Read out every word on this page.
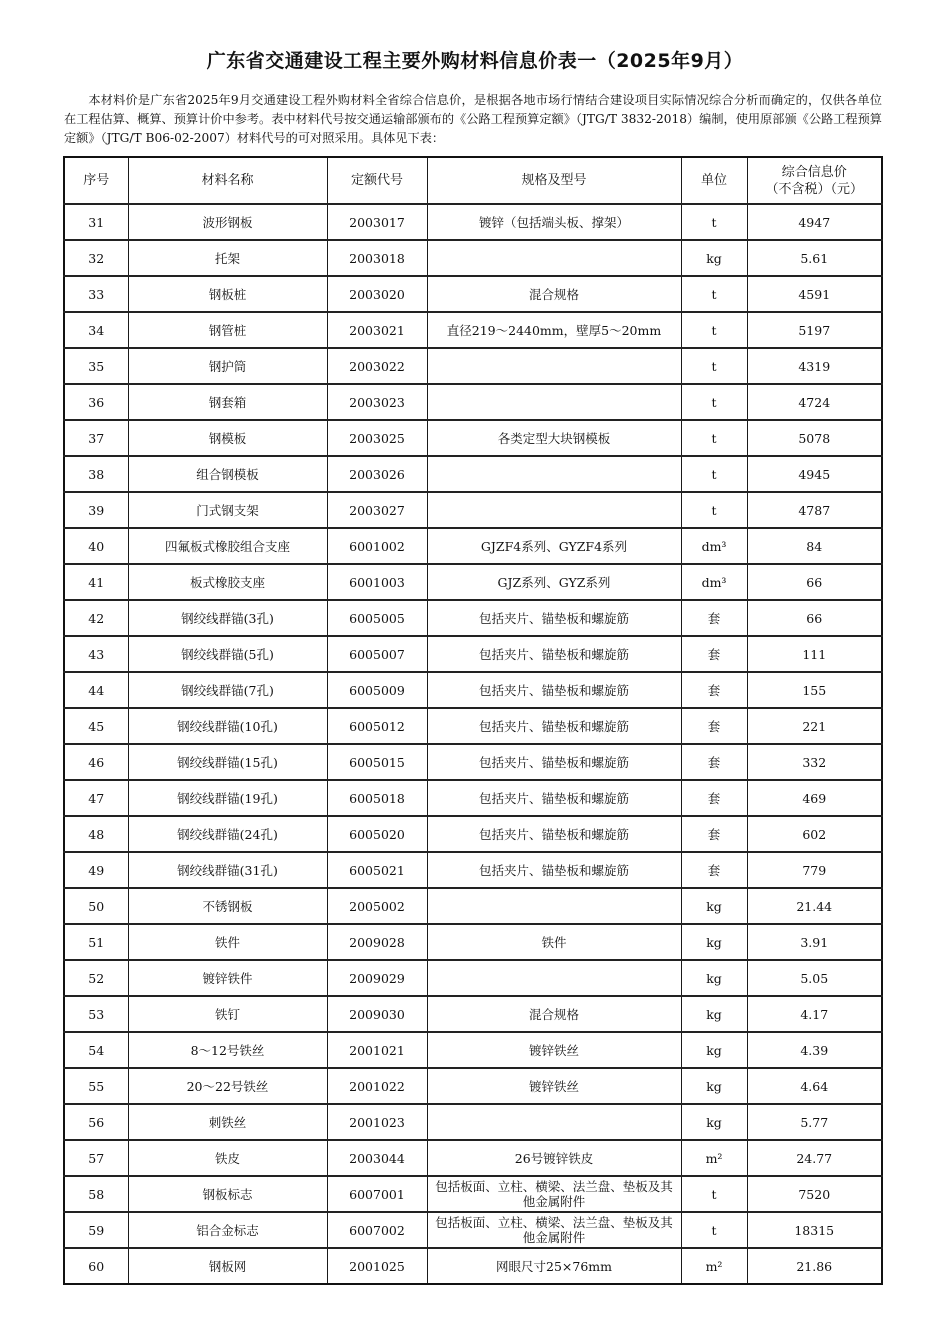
广东省交通建设工程主要外购材料信息价表一（2025年9月）
本材料价是广东省2025年9月交通建设工程外购材料全省综合信息价，是根据各地市场行情结合建设项目实际情况综合分析而确定的，仅供各单位在工程估算、概算、预算计价中参考。表中材料代号按交通运输部颁布的《公路工程预算定额》（JTG/T 3832-2018）编制，使用原部颁《公路工程预算定额》（JTG/T B06-02-2007）材料代号的可对照采用。具体见下表：
序号	材料名称	定额代号	规格及型号	单位	综合信息价
（不含税）（元）

31	波形钢板	2003017	镀锌（包括端头板、撑架）	t	4947
32	托架	2003018		kg	5.61
33	钢板桩	2003020	混合规格	t	4591
34	钢管桩	2003021	直径219～2440mm，壁厚5～20mm	t	5197
35	钢护筒	2003022		t	4319
36	钢套箱	2003023		t	4724
37	钢模板	2003025	各类定型大块钢模板	t	5078
38	组合钢模板	2003026		t	4945
39	门式钢支架	2003027		t	4787
40	四氟板式橡胶组合支座	6001002	GJZF4系列、GYZF4系列	dm³	84
41	板式橡胶支座	6001003	GJZ系列、GYZ系列	dm³	66
42	钢绞线群锚(3孔)	6005005	包括夹片、锚垫板和螺旋筋	套	66
43	钢绞线群锚(5孔)	6005007	包括夹片、锚垫板和螺旋筋	套	111
44	钢绞线群锚(7孔)	6005009	包括夹片、锚垫板和螺旋筋	套	155
45	钢绞线群锚(10孔)	6005012	包括夹片、锚垫板和螺旋筋	套	221
46	钢绞线群锚(15孔)	6005015	包括夹片、锚垫板和螺旋筋	套	332
47	钢绞线群锚(19孔)	6005018	包括夹片、锚垫板和螺旋筋	套	469
48	钢绞线群锚(24孔)	6005020	包括夹片、锚垫板和螺旋筋	套	602
49	钢绞线群锚(31孔)	6005021	包括夹片、锚垫板和螺旋筋	套	779
50	不锈钢板	2005002		kg	21.44
51	铁件	2009028	铁件	kg	3.91
52	镀锌铁件	2009029		kg	5.05
53	铁钉	2009030	混合规格	kg	4.17
54	8～12号铁丝	2001021	镀锌铁丝	kg	4.39
55	20～22号铁丝	2001022	镀锌铁丝	kg	4.64
56	刺铁丝	2001023		kg	5.77
57	铁皮	2003044	26号镀锌铁皮	m²	24.77
58	钢板标志	6007001	包括板面、立柱、横梁、法兰盘、垫板及其他金属附件	t	7520
59	铝合金标志	6007002	包括板面、立柱、横梁、法兰盘、垫板及其他金属附件	t	18315
60	钢板网	2001025	网眼尺寸25×76mm	m²	21.86
